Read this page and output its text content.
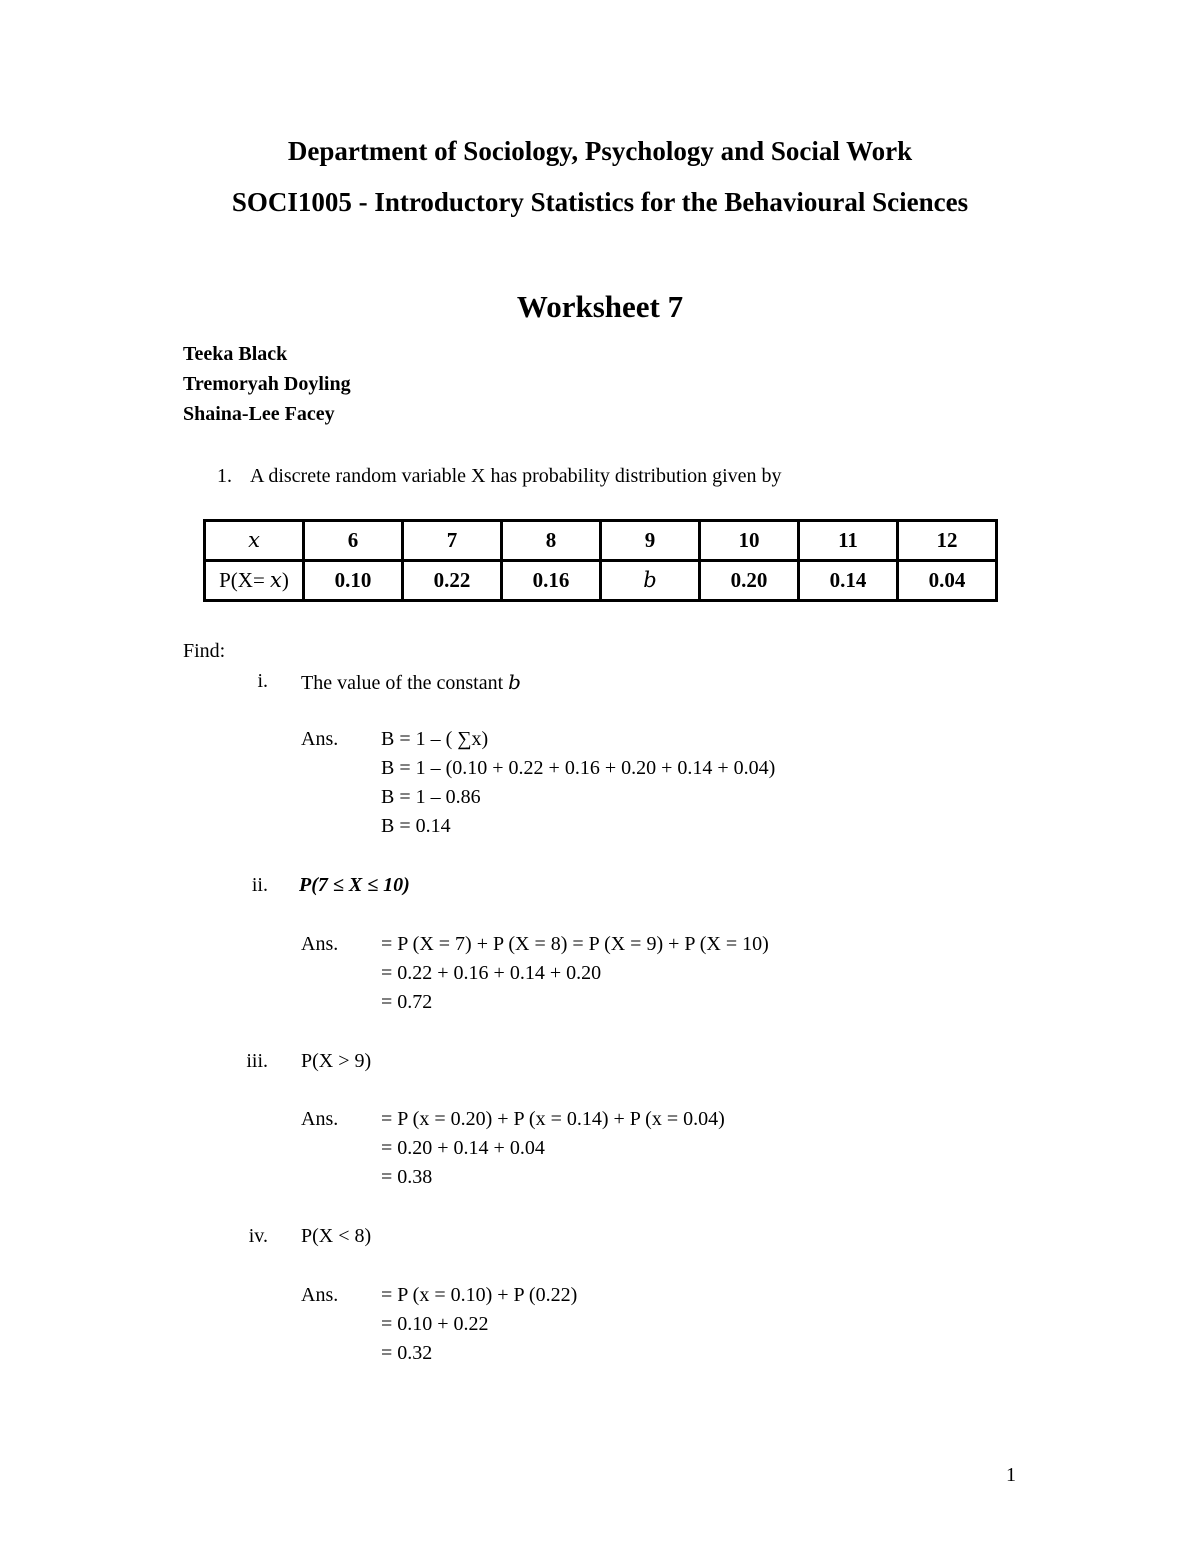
Department of Sociology, Psychology and Social Work
SOCI1005 - Introductory Statistics for the Behavioural Sciences
Worksheet 7
Teeka Black
Tremoryah Doyling
Shaina-Lee Facey
1. A discrete random variable X has probability distribution given by
x	6	7	8	9	10	11	12
P(X= x)	0.10	0.22	0.16	b	0.20	0.14	0.04
Find:
i. The value of the constant b
Ans. B = 1 – ( ∑x)
B = 1 – (0.10 + 0.22 + 0.16 + 0.20 + 0.14 + 0.04)
B = 1 – 0.86
B = 0.14
ii. P(7 ≤ X ≤ 10)
Ans. = P (X = 7) + P (X = 8) = P (X = 9) + P (X = 10)
= 0.22 + 0.16 + 0.14 + 0.20
= 0.72
iii. P(X > 9)
Ans. = P (x = 0.20) + P (x = 0.14) + P (x = 0.04)
= 0.20 + 0.14 + 0.04
= 0.38
iv. P(X < 8)
Ans. = P (x = 0.10) + P (0.22)
= 0.10 + 0.22
= 0.32
1
